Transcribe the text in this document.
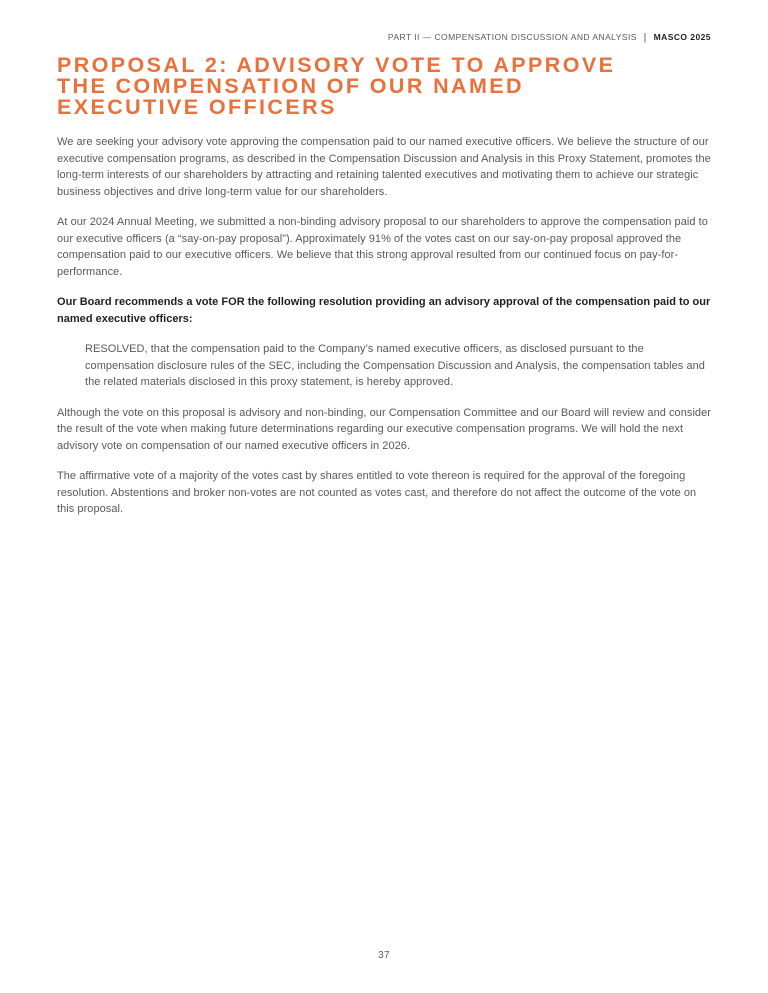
PART II — COMPENSATION DISCUSSION AND ANALYSIS | MASCO 2025
PROPOSAL 2: ADVISORY VOTE TO APPROVE
THE COMPENSATION OF OUR NAMED
EXECUTIVE OFFICERS

We are seeking your advisory vote approving the compensation paid to our named executive officers. We believe the structure of our executive compensation programs, as described in the Compensation Discussion and Analysis in this Proxy Statement, promotes the long-term interests of our shareholders by attracting and retaining talented executives and motivating them to achieve our strategic business objectives and drive long-term value for our shareholders.

At our 2024 Annual Meeting, we submitted a non-binding advisory proposal to our shareholders to approve the compensation paid to our executive officers (a “say-on-pay proposal”). Approximately 91% of the votes cast on our say-on-pay proposal approved the compensation paid to our executive officers. We believe that this strong approval resulted from our continued focus on pay-for-performance.

Our Board recommends a vote FOR the following resolution providing an advisory approval of the compensation paid to our named executive officers:

RESOLVED, that the compensation paid to the Company’s named executive officers, as disclosed pursuant to the compensation disclosure rules of the SEC, including the Compensation Discussion and Analysis, the compensation tables and the related materials disclosed in this proxy statement, is hereby approved.

Although the vote on this proposal is advisory and non-binding, our Compensation Committee and our Board will review and consider the result of the vote when making future determinations regarding our executive compensation programs. We will hold the next advisory vote on compensation of our named executive officers in 2026.

The affirmative vote of a majority of the votes cast by shares entitled to vote thereon is required for the approval of the foregoing resolution. Abstentions and broker non-votes are not counted as votes cast, and therefore do not affect the outcome of the vote on this proposal.

37
